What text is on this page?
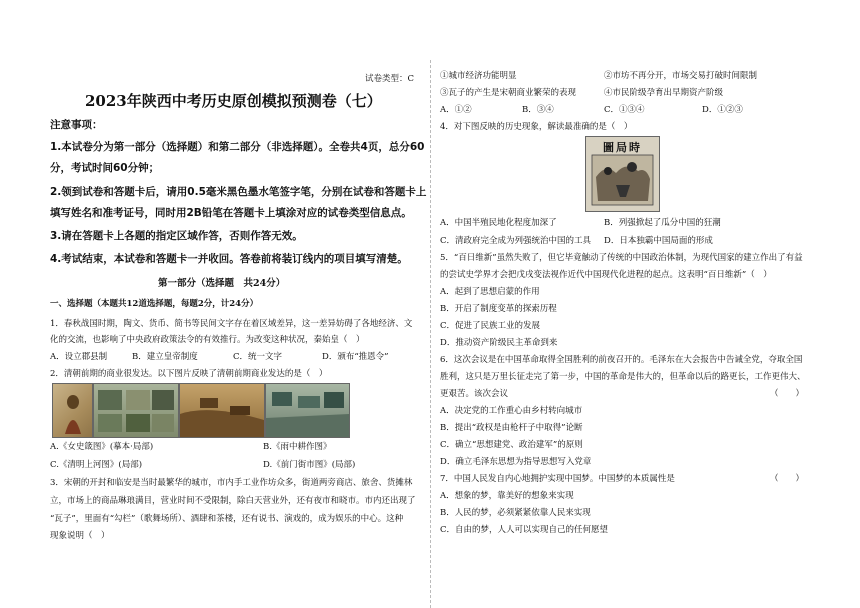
试卷类型：C
2023年陕西中考历史原创模拟预测卷（七）
注意事项：
1.本试卷分为第一部分（选择题）和第二部分（非选择题）。全卷共4页，总分60
分，考试时间60分钟；
2.领到试卷和答题卡后，请用0.5毫米黑色墨水笔签字笔，分别在试卷和答题卡上
填写姓名和准考证号，同时用2B铅笔在答题卡上填涂对应的试卷类型信息点。
3.请在答题卡上各题的指定区域作答，否则作答无效。
4.考试结束，本试卷和答题卡一并收回。答卷前将装订线内的项目填写清楚。
第一部分（选择题　共24分）
一、选择题（本题共12道选择题，每题2分，计24分）
1．春秋战国时期，陶文、货币、简书等民间文字存在着区域差异，这一差异妨碍了各地经济、文
化的交流，也影响了中央政府政策法令的有效推行。为改变这种状况，秦始皇（　）
A．设立郡县制	B．建立皇帝制度	C．统一文字	D．颁布“推恩令”
2．清朝前期的商业很发达。以下图片反映了清朝前期商业发达的是（　）
A.《女史箴图》(摹本·局部)	B.《雨中耕作图》
C.《清明上河图》(局部)	D.《前门街市图》(局部)
3．宋朝的开封和临安是当时最繁华的城市，市内手工业作坊众多，街道两旁商店、旅舍、货摊林
立，市场上的商品琳琅满目，营业时间不受限制，除白天营业外，还有夜市和晓市。市内还出现了
“瓦子”，里面有“勾栏”（歌舞场所）、酒肆和茶楼，还有说书、演戏的，成为娱乐的中心。这种
现象说明（　）
①城市经济功能明显	②市坊不再分开，市场交易打破时间限制
③瓦子的产生是宋朝商业繁荣的表现	④市民阶级孕育出早期资产阶级
A．①②	B．③④	C．①③④	D．①②③
4．对下图反映的历史现象，解读最准确的是（　）
圖局時
A．中国半殖民地化程度加深了	B．列强掀起了瓜分中国的狂潮
C．清政府完全成为列强统治中国的工具 D．日本独霸中国局面的形成
5．“百日维新”虽然失败了，但它毕竟触动了传统的中国政治体制，为现代国家的建立作出了有益
的尝试史学界才会把戊戌变法视作近代中国现代化进程的起点。这表明“百日维新”（　）
A．起到了思想启蒙的作用
B．开启了制度变革的探索历程
C．促进了民族工业的发展
D．推动资产阶级民主革命到来
6．这次会议是在中国革命取得全国胜利的前夜召开的。毛泽东在大会报告中告诫全党，夺取全国
胜利，这只是万里长征走完了第一步，中国的革命是伟大的，但革命以后的路更长，工作更伟大、
更艰苦。该次会议	（　　）
A．决定党的工作重心由乡村转向城市
B．提出“政权是由枪杆子中取得”论断
C．确立“思想建党、政治建军”的原则
D．确立毛泽东思想为指导思想写入党章
7．中国人民发自内心地拥护实现中国梦。中国梦的本质属性是	（　　）
A．想象的梦，靠美好的想象来实现
B．人民的梦，必须紧紧依靠人民来实现
C．自由的梦，人人可以实现自己的任何愿望
